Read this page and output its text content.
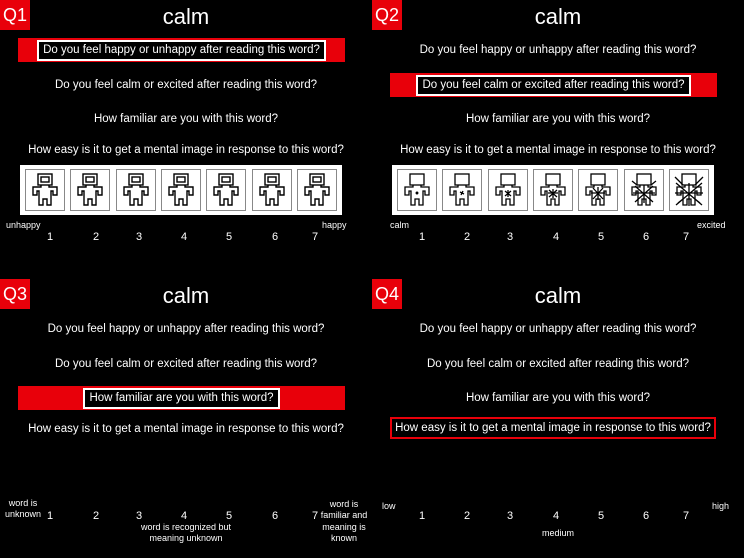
Q1	calm
Do you feel happy or unhappy after reading this word?
Do you feel calm or excited after reading this word?
How familiar are you with this word?
How easy is it to get a mental image in response to this word?
unhappy	happy
1	2	3	4	5	6	7
Q2	calm
Do you feel happy or unhappy after reading this word?
Do you feel calm or excited after reading this word?
How familiar are you with this word?
How easy is it to get a mental image in response to this word?
calm	excited
1	2	3	4	5	6	7
Q3	calm
Do you feel happy or unhappy after reading this word?
Do you feel calm or excited after reading this word?
How familiar are you with this word?
How easy is it to get a mental image in response to this word?
word is unknown
word is familiar and meaning is known
1	2	3	4	5	6	7
word is recognized but meaning unknown
Q4	calm
Do you feel happy or unhappy after reading this word?
Do you feel calm or excited after reading this word?
How familiar are you with this word?
How easy is it to get a mental image in response to this word?
low	high
1	2	3	4	5	6	7
medium
